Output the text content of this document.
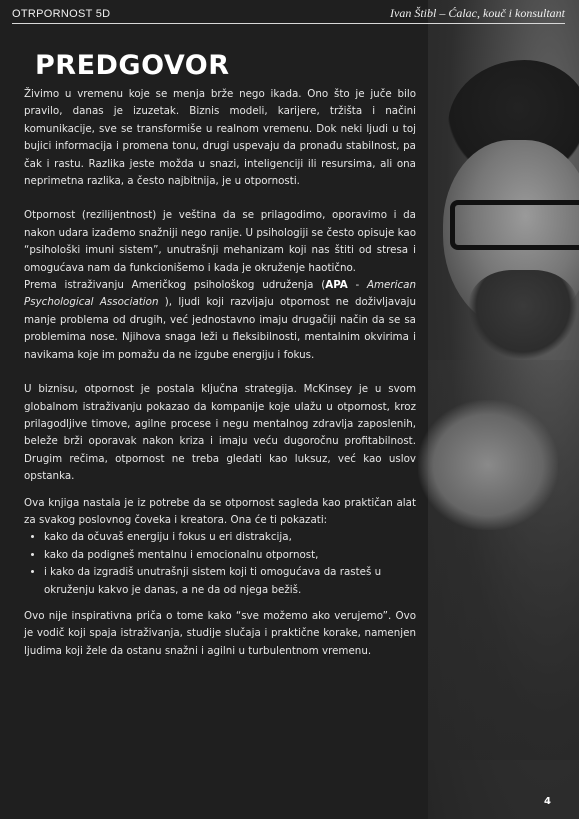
OTRPORNOST 5D	Ivan Štibl – Ćalac, kouč i konsultant
PREDGOVOR

Živimo u vremenu koje se menja brže nego ikada. Ono što je juče bilo pravilo, danas je izuzetak. Biznis modeli, karijere, tržišta i načini komunikacije, sve se transformiše u realnom vremenu. Dok neki ljudi u toj bujici informacija i promena tonu, drugi uspevaju da pronađu stabilnost, pa čak i rastu. Razlika jeste možda u snazi, inteligenciji ili resursima, ali ona neprimetna razlika, a često najbitnija, je u otpornosti.

Otpornost (rezilijentnost) je veština da se prilagodimo, oporavimo i da nakon udara izađemo snažniji nego ranije. U psihologiji se često opisuje kao “psihološki imuni sistem”, unutrašnji mehanizam koji nas štiti od stresa i omogućava nam da funkcionišemo i kada je okruženje haotično.

Prema istraživanju Američkog psihološkog udruženja (APA - American Psychological Association ), ljudi koji razvijaju otpornost ne doživljavaju manje problema od drugih, već jednostavno imaju drugačiji način da se sa problemima nose. Njihova snaga leži u fleksibilnosti, mentalnim okvirima i navikama koje im pomažu da ne izgube energiju i fokus.

U biznisu, otpornost je postala ključna strategija. McKinsey je u svom globalnom istraživanju pokazao da kompanije koje ulažu u otpornost, kroz prilagodljive timove, agilne procese i negu mentalnog zdravlja zaposlenih, beleže brži oporavak nakon kriza i imaju veću dugoročnu profitabilnost. Drugim rečima, otpornost ne treba gledati kao luksuz, već kao uslov opstanka.

Ova knjiga nastala je iz potrebe da se otpornost sagleda kao praktičan alat za svakog poslovnog čoveka i kreatora. Ona će ti pokazati:

• kako da očuvaš energiju i fokus u eri distrakcija,
• kako da podigneš mentalnu i emocionalnu otpornost,
• i kako da izgradiš unutrašnji sistem koji ti omogućava da rasteš u okruženju kakvo je danas, a ne da od njega bežiš.

Ovo nije inspirativna priča o tome kako “sve možemo ako verujemo”. Ovo je vodič koji spaja istraživanja, studije slučaja i praktične korake, namenjen ljudima koji žele da ostanu snažni i agilni u turbulentnom vremenu.

4
